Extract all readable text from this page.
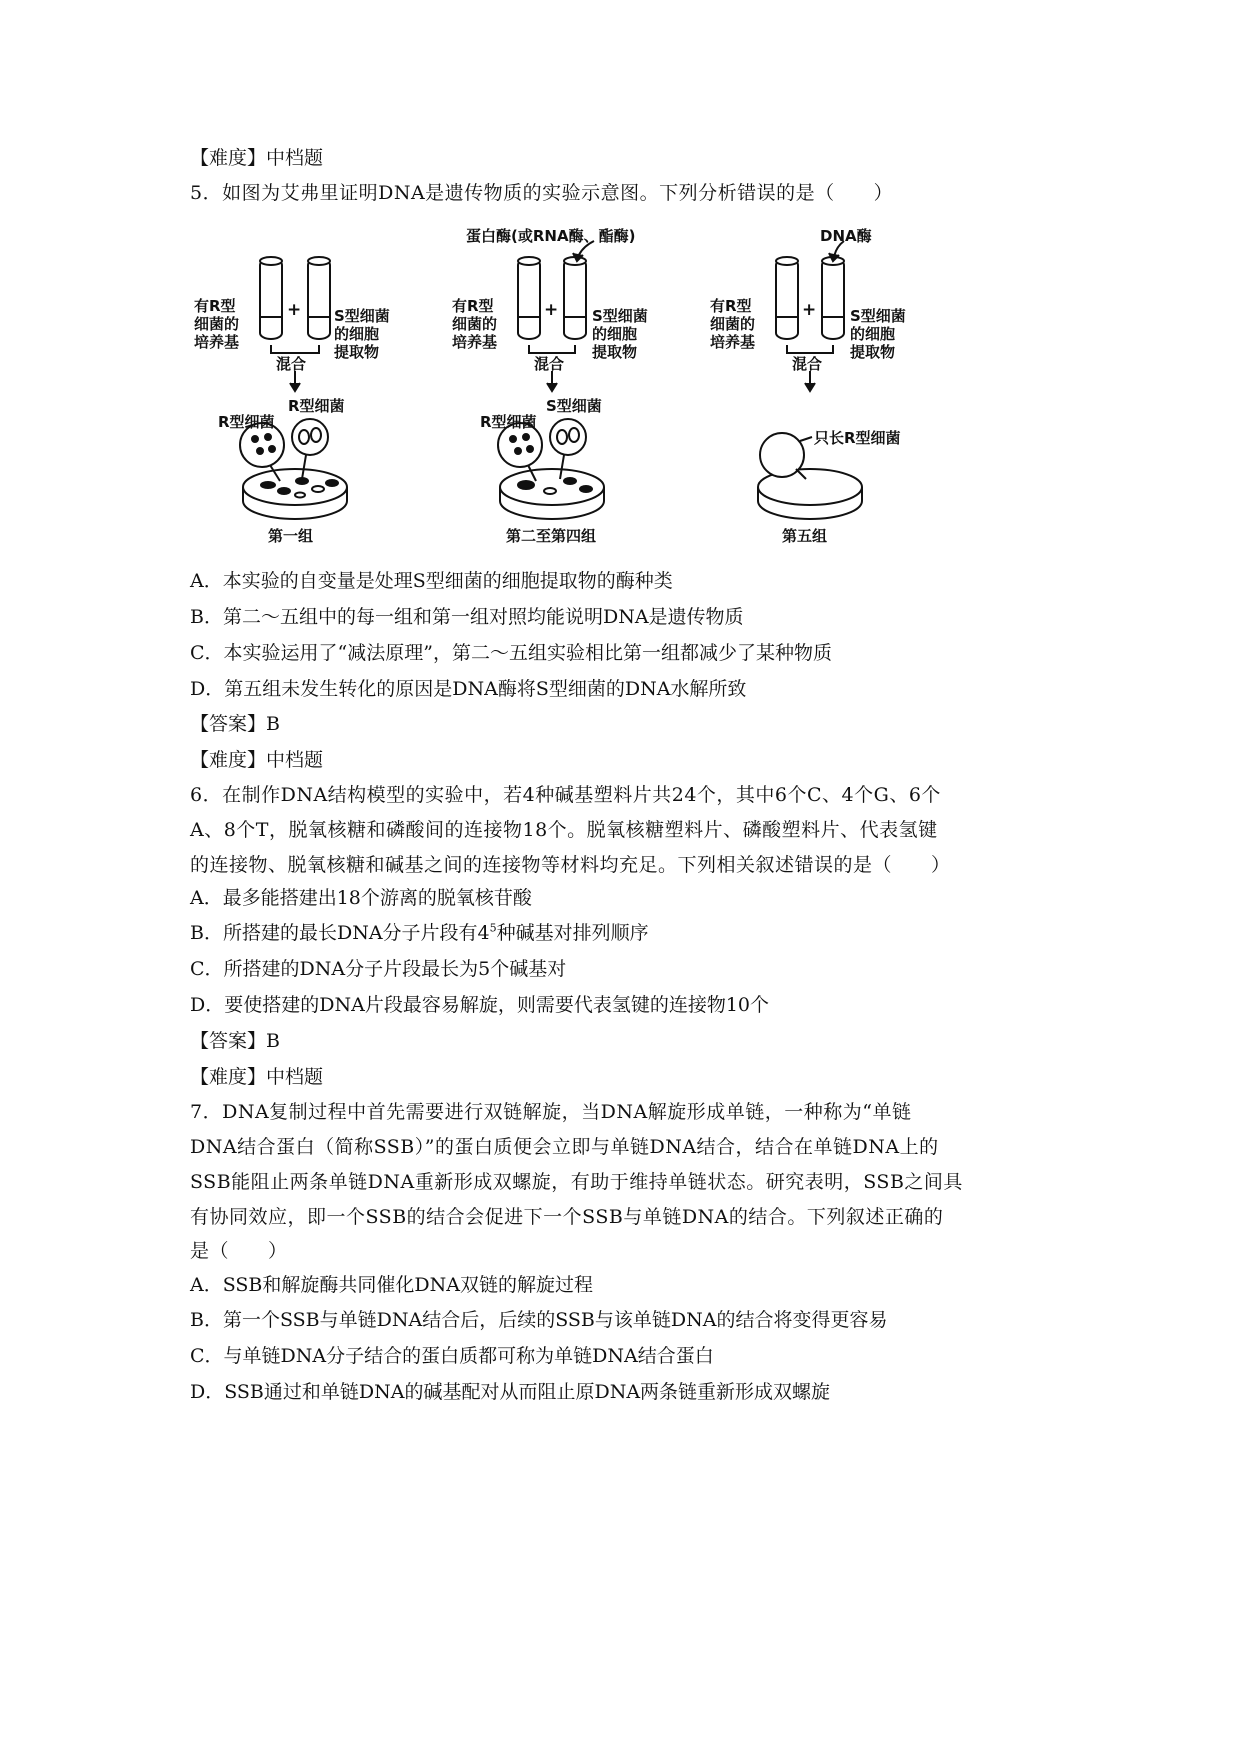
【难度】中档题
5．如图为艾弗里证明DNA是遗传物质的实验示意图。下列分析错误的是（　　）
有R型
细菌的
培养基
S型细菌
的细胞
提取物
+
混合
R型细菌
R型细菌
第一组
蛋白酶(或RNA酶、酯酶)
有R型
细菌的
培养基
S型细菌
的细胞
提取物
+
混合
S型细菌
R型细菌
第二至第四组
DNA酶
有R型
细菌的
培养基
S型细菌
的细胞
提取物
+
混合
只长R型细菌
第五组
A．本实验的自变量是处理S型细菌的细胞提取物的酶种类
B．第二～五组中的每一组和第一组对照均能说明DNA是遗传物质
C．本实验运用了“减法原理”，第二～五组实验相比第一组都减少了某种物质
D．第五组未发生转化的原因是DNA酶将S型细菌的DNA水解所致
【答案】B
【难度】中档题
6．在制作DNA结构模型的实验中，若4种碱基塑料片共24个，其中6个C、4个G、6个
A、8个T，脱氧核糖和磷酸间的连接物18个。脱氧核糖塑料片、磷酸塑料片、代表氢键
的连接物、脱氧核糖和碱基之间的连接物等材料均充足。下列相关叙述错误的是（　　）
A．最多能搭建出18个游离的脱氧核苷酸
B．所搭建的最长DNA分子片段有$4^5$种碱基对排列顺序
C．所搭建的DNA分子片段最长为5个碱基对
D．要使搭建的DNA片段最容易解旋，则需要代表氢键的连接物10个
【答案】B
【难度】中档题
7．DNA复制过程中首先需要进行双链解旋，当DNA解旋形成单链，一种称为“单链
DNA结合蛋白（简称SSB）”的蛋白质便会立即与单链DNA结合，结合在单链DNA上的
SSB能阻止两条单链DNA重新形成双螺旋，有助于维持单链状态。研究表明，SSB之间具
有协同效应，即一个SSB的结合会促进下一个SSB与单链DNA的结合。下列叙述正确的
是（　　）
A．SSB和解旋酶共同催化DNA双链的解旋过程
B．第一个SSB与单链DNA结合后，后续的SSB与该单链DNA的结合将变得更容易
C．与单链DNA分子结合的蛋白质都可称为单链DNA结合蛋白
D．SSB通过和单链DNA的碱基配对从而阻止原DNA两条链重新形成双螺旋
